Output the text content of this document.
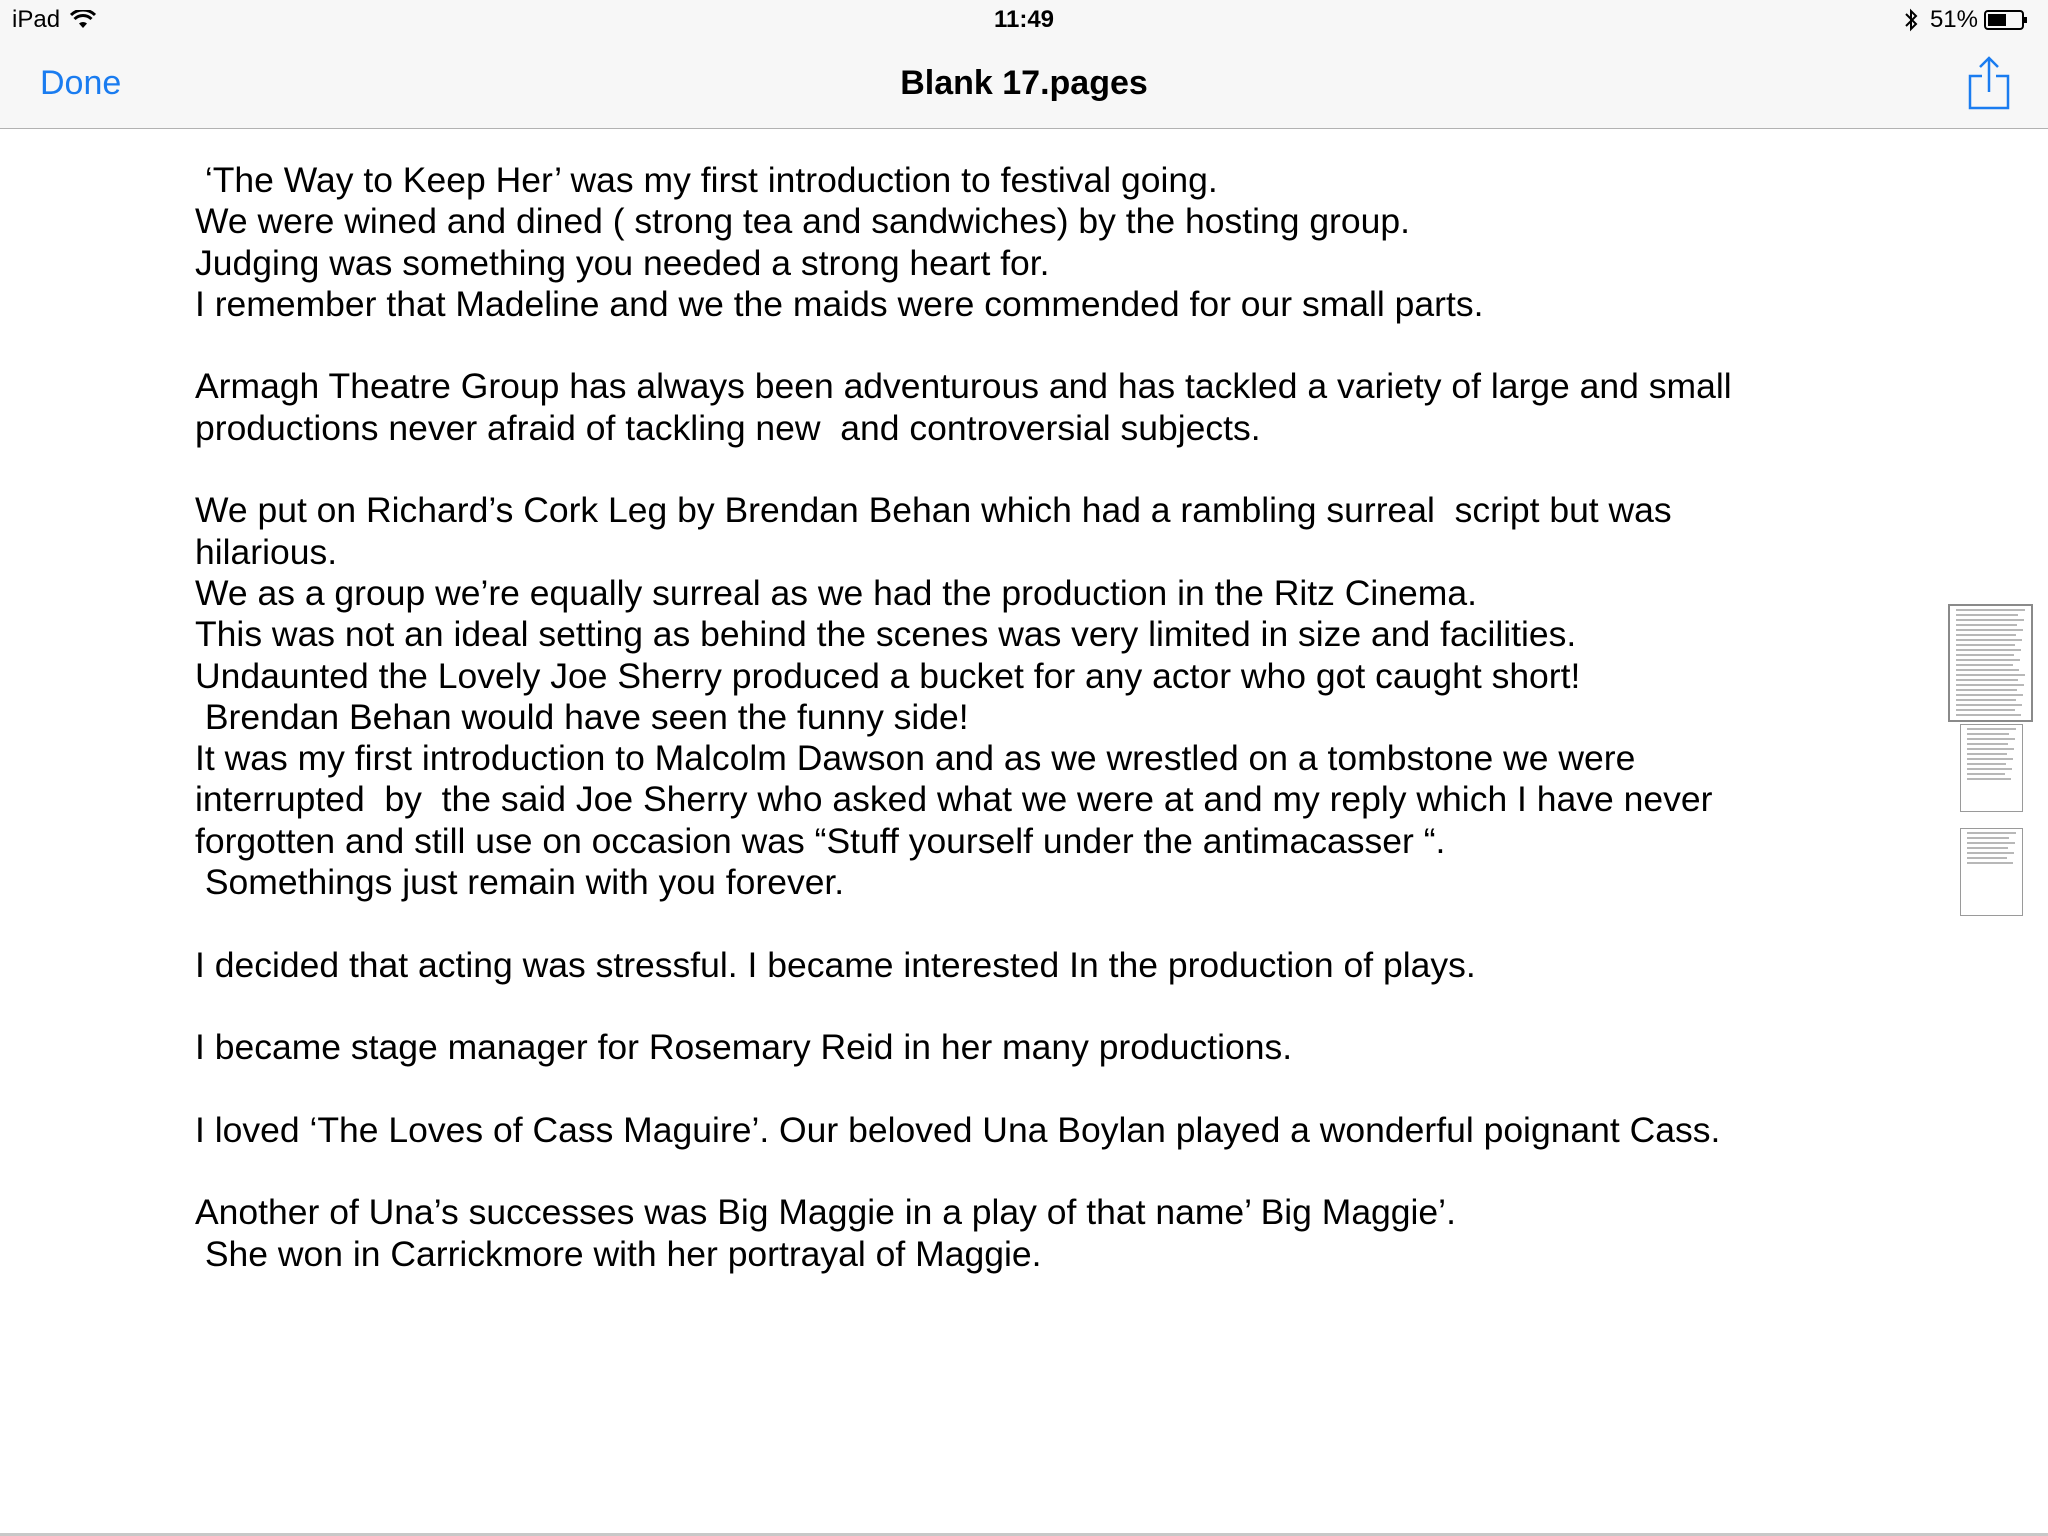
iPad	11:49	51%
Done	Blank 17.pages
‘The Way to Keep Her’ was my first introduction to festival going.
We were wined and dined ( strong tea and sandwiches) by the hosting group.
Judging was something you needed a strong heart for.
I remember that Madeline and we the maids were commended for our small parts.
Armagh Theatre Group has always been adventurous and has tackled a variety of large and small
productions never afraid of tackling new  and controversial subjects.
We put on Richard’s Cork Leg by Brendan Behan which had a rambling surreal  script but was
hilarious.
We as a group we’re equally surreal as we had the production in the Ritz Cinema.
This was not an ideal setting as behind the scenes was very limited in size and facilities.
Undaunted the Lovely Joe Sherry produced a bucket for any actor who got caught short!
Brendan Behan would have seen the funny side!
It was my first introduction to Malcolm Dawson and as we wrestled on a tombstone we were
interrupted  by  the said Joe Sherry who asked what we were at and my reply which I have never
forgotten and still use on occasion was “Stuff yourself under the antimacasser “.
Somethings just remain with you forever.
I decided that acting was stressful. I became interested In the production of plays.
I became stage manager for Rosemary Reid in her many productions.
I loved ‘The Loves of Cass Maguire’. Our beloved Una Boylan played a wonderful poignant Cass.
Another of Una’s successes was Big Maggie in a play of that name’ Big Maggie’.
She won in Carrickmore with her portrayal of Maggie.
